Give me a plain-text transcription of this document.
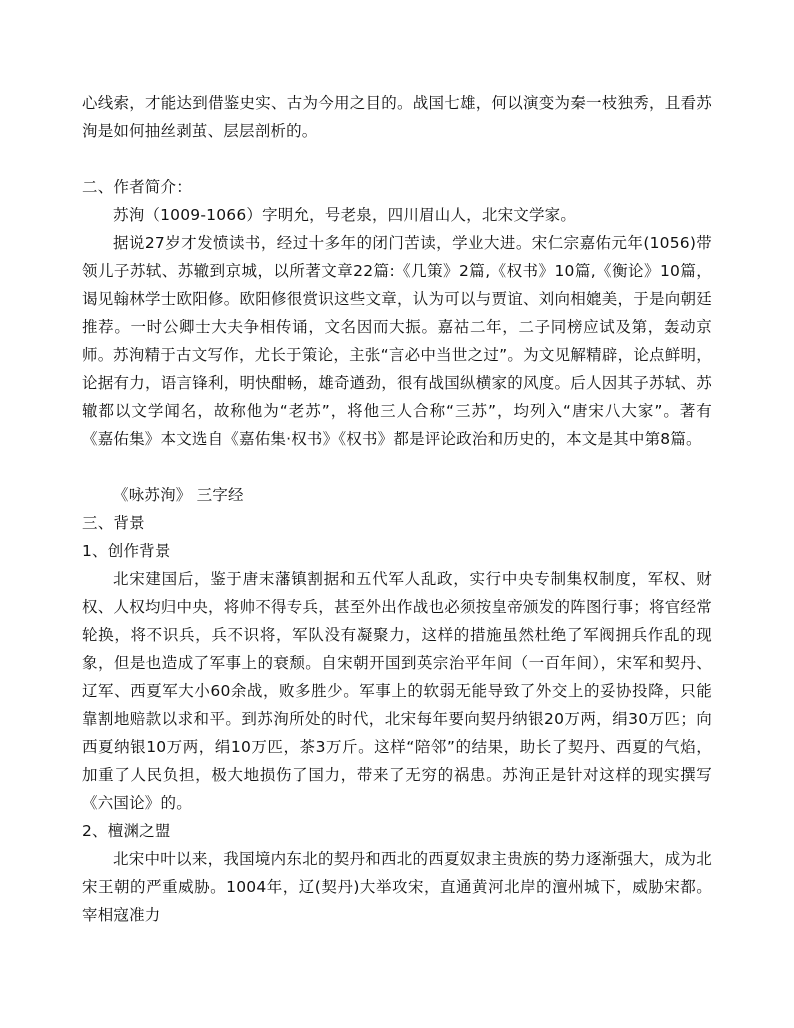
心线索，才能达到借鉴史实、古为今用之目的。战国七雄，何以演变为秦一枝独秀，且看苏洵是如何抽丝剥茧、层层剖析的。

二、作者简介：

苏洵（1009-1066）字明允，号老泉，四川眉山人，北宋文学家。

据说27岁才发愤读书，经过十多年的闭门苦读，学业大进。宋仁宗嘉佑元年(1056)带领儿子苏轼、苏辙到京城，以所著文章22篇:《几策》2篇,《权书》10篇,《衡论》10篇，谒见翰林学士欧阳修。欧阳修很赏识这些文章，认为可以与贾谊、刘向相媲美，于是向朝廷推荐。一时公卿士大夫争相传诵，文名因而大振。嘉祜二年，二子同榜应试及第，轰动京师。 苏洵精于古文写作，尤长于策论，主张“言必中当世之过”。为文见解精辟，论点鲜明，论据有力，语言锋利，明快酣畅，雄奇遒劲，很有战国纵横家的风度。后人因其子苏轼、苏辙都以文学闻名，故称他为“老苏”，将他三人合称“三苏”，均列入“唐宋八大家”。著有《嘉佑集》本文选自《嘉佑集·权书》《权书》都是评论政治和历史的，本文是其中第8篇。

《咏苏洵》 三字经

三、背景

1、创作背景

北宋建国后，鉴于唐末藩镇割据和五代军人乱政，实行中央专制集权制度，军权、财权、人权均归中央，将帅不得专兵，甚至外出作战也必须按皇帝颁发的阵图行事；将官经常轮换，将不识兵，兵不识将，军队没有凝聚力，这样的措施虽然杜绝了军阀拥兵作乱的现象，但是也造成了军事上的衰颓。自宋朝开国到英宗治平年间（一百年间），宋军和契丹、辽军、西夏军大小60余战，败多胜少。军事上的软弱无能导致了外交上的妥协投降，只能靠割地赔款以求和平。到苏洵所处的时代，北宋每年要向契丹纳银20万两，绢30万匹；向西夏纳银10万两，绢10万匹，茶3万斤。这样“陪邻”的结果，助长了契丹、西夏的气焰，加重了人民负担，极大地损伤了国力，带来了无穷的祸患。苏洵正是针对这样的现实撰写《六国论》的。

2、檀渊之盟

北宋中叶以来，我国境内东北的契丹和西北的西夏奴隶主贵族的势力逐渐强大，成为北宋王朝的严重威胁。1004年，辽(契丹)大举攻宋，直通黄河北岸的澶州城下，威胁宋都。宰相寇准力
